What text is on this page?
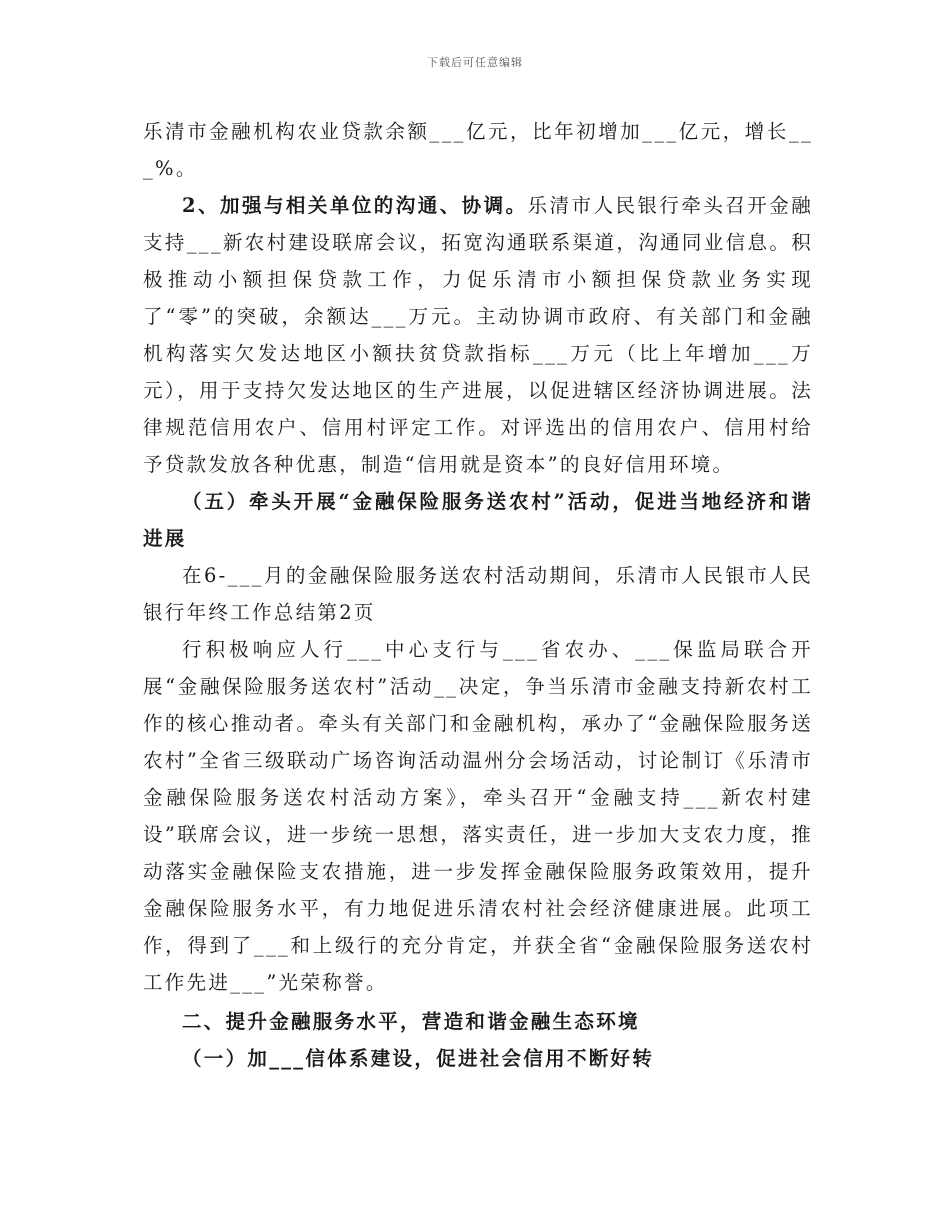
下载后可任意编辑

乐清市金融机构农业贷款余额___亿元，比年初增加___亿元，增长___%。

2、加强与相关单位的沟通、协调。乐清市人民银行牵头召开金融支持___新农村建设联席会议，拓宽沟通联系渠道，沟通同业信息。积极推动小额担保贷款工作，力促乐清市小额担保贷款业务实现了“零”的突破，余额达___万元。主动协调市政府、有关部门和金融机构落实欠发达地区小额扶贫贷款指标___万元（比上年增加___万元），用于支持欠发达地区的生产进展，以促进辖区经济协调进展。法律规范信用农户、信用村评定工作。对评选出的信用农户、信用村给予贷款发放各种优惠，制造“信用就是资本”的良好信用环境。

（五）牵头开展“金融保险服务送农村”活动，促进当地经济和谐进展

在6-___月的金融保险服务送农村活动期间，乐清市人民银市人民银行年终工作总结第2页

行积极响应人行___中心支行与___省农办、___保监局联合开展“金融保险服务送农村”活动__决定，争当乐清市金融支持新农村工作的核心推动者。牵头有关部门和金融机构，承办了“金融保险服务送农村”全省三级联动广场咨询活动温州分会场活动，讨论制订《乐清市金融保险服务送农村活动方案》，牵头召开“金融支持___新农村建设”联席会议，进一步统一思想，落实责任，进一步加大支农力度，推动落实金融保险支农措施，进一步发挥金融保险服务政策效用，提升金融保险服务水平，有力地促进乐清农村社会经济健康进展。此项工作，得到了___和上级行的充分肯定，并获全省“金融保险服务送农村工作先进___”光荣称誉。

二、提升金融服务水平，营造和谐金融生态环境

（一）加___信体系建设，促进社会信用不断好转
